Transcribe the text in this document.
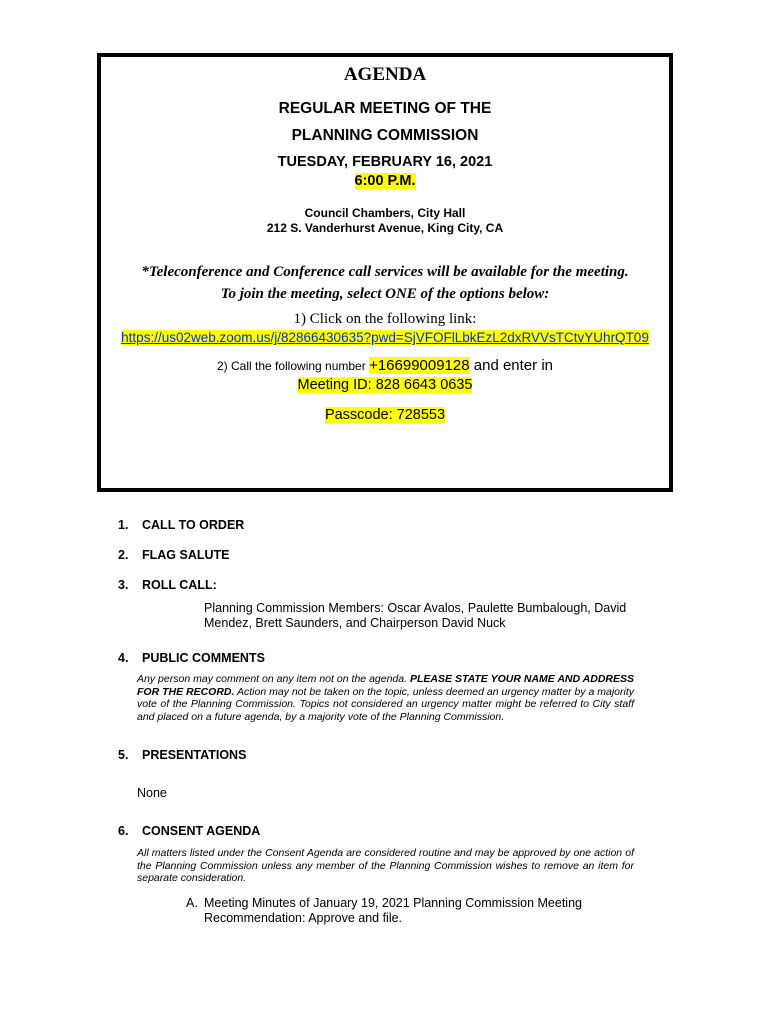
AGENDA
REGULAR MEETING OF THE
PLANNING COMMISSION
TUESDAY, FEBRUARY 16, 2021
6:00 P.M.
Council Chambers, City Hall
212 S. Vanderhurst Avenue, King City, CA
*Teleconference and Conference call services will be available for the meeting.
To join the meeting, select ONE of the options below:
1) Click on the following link:
https://us02web.zoom.us/j/82866430635?pwd=SjVFOFlLbkEzL2dxRVVsTCtvYUhrQT09
2) Call the following number +16699009128 and enter in
Meeting ID: 828 6643 0635
Passcode: 728553
1. CALL TO ORDER
2. FLAG SALUTE
3. ROLL CALL:
Planning Commission Members: Oscar Avalos, Paulette Bumbalough, David
Mendez, Brett Saunders, and Chairperson David Nuck
4. PUBLIC COMMENTS
Any person may comment on any item not on the agenda. PLEASE STATE YOUR NAME AND ADDRESS FOR THE RECORD. Action may not be taken on the topic, unless deemed an urgency matter by a majority vote of the Planning Commission. Topics not considered an urgency matter might be referred to City staff and placed on a future agenda, by a majority vote of the Planning Commission.
5. PRESENTATIONS
None
6. CONSENT AGENDA
All matters listed under the Consent Agenda are considered routine and may be approved by one action of the Planning Commission unless any member of the Planning Commission wishes to remove an item for separate consideration.
A. Meeting Minutes of January 19, 2021 Planning Commission Meeting
Recommendation: Approve and file.
